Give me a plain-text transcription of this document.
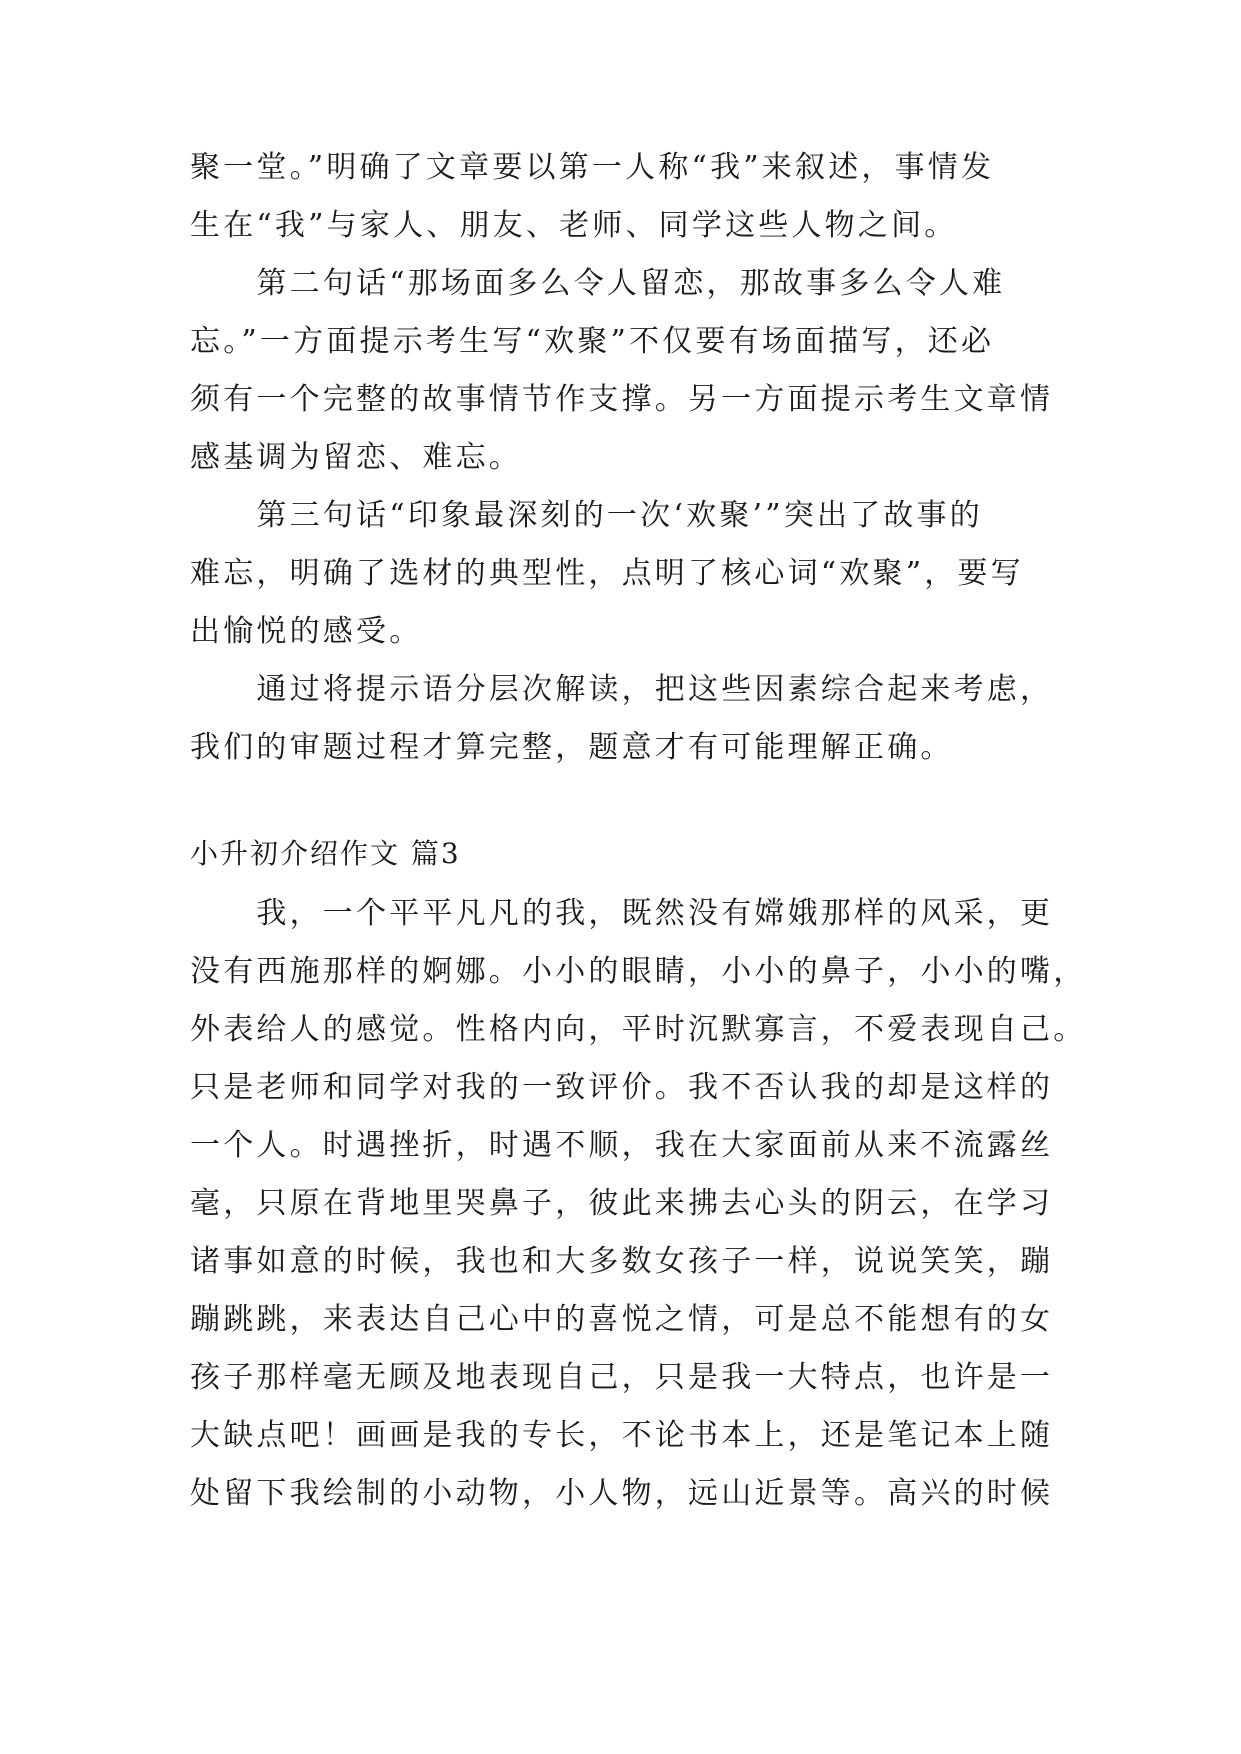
聚一堂。”明确了文章要以第一人称“我”来叙述，事情发
生在“我”与家人、朋友、老师、同学这些人物之间。
　　第二句话“那场面多么令人留恋，那故事多么令人难
忘。”一方面提示考生写“欢聚”不仅要有场面描写，还必
须有一个完整的故事情节作支撑。另一方面提示考生文章情
感基调为留恋、难忘。
　　第三句话“印象最深刻的一次‘欢聚’”突出了故事的
难忘，明确了选材的典型性，点明了核心词“欢聚”，要写
出愉悦的感受。
　　通过将提示语分层次解读，把这些因素综合起来考虑，
我们的审题过程才算完整，题意才有可能理解正确。
小升初介绍作文 篇3
　　我，一个平平凡凡的我，既然没有嫦娥那样的风采，更
没有西施那样的婀娜。小小的眼睛，小小的鼻子，小小的嘴，
外表给人的感觉。性格内向，平时沉默寡言，不爱表现自己。
只是老师和同学对我的一致评价。我不否认我的却是这样的
一个人。时遇挫折，时遇不顺，我在大家面前从来不流露丝
毫，只原在背地里哭鼻子，彼此来拂去心头的阴云，在学习
诸事如意的时候，我也和大多数女孩子一样，说说笑笑，蹦
蹦跳跳，来表达自己心中的喜悦之情，可是总不能想有的女
孩子那样毫无顾及地表现自己，只是我一大特点，也许是一
大缺点吧！画画是我的专长，不论书本上，还是笔记本上随
处留下我绘制的小动物，小人物，远山近景等。高兴的时候
